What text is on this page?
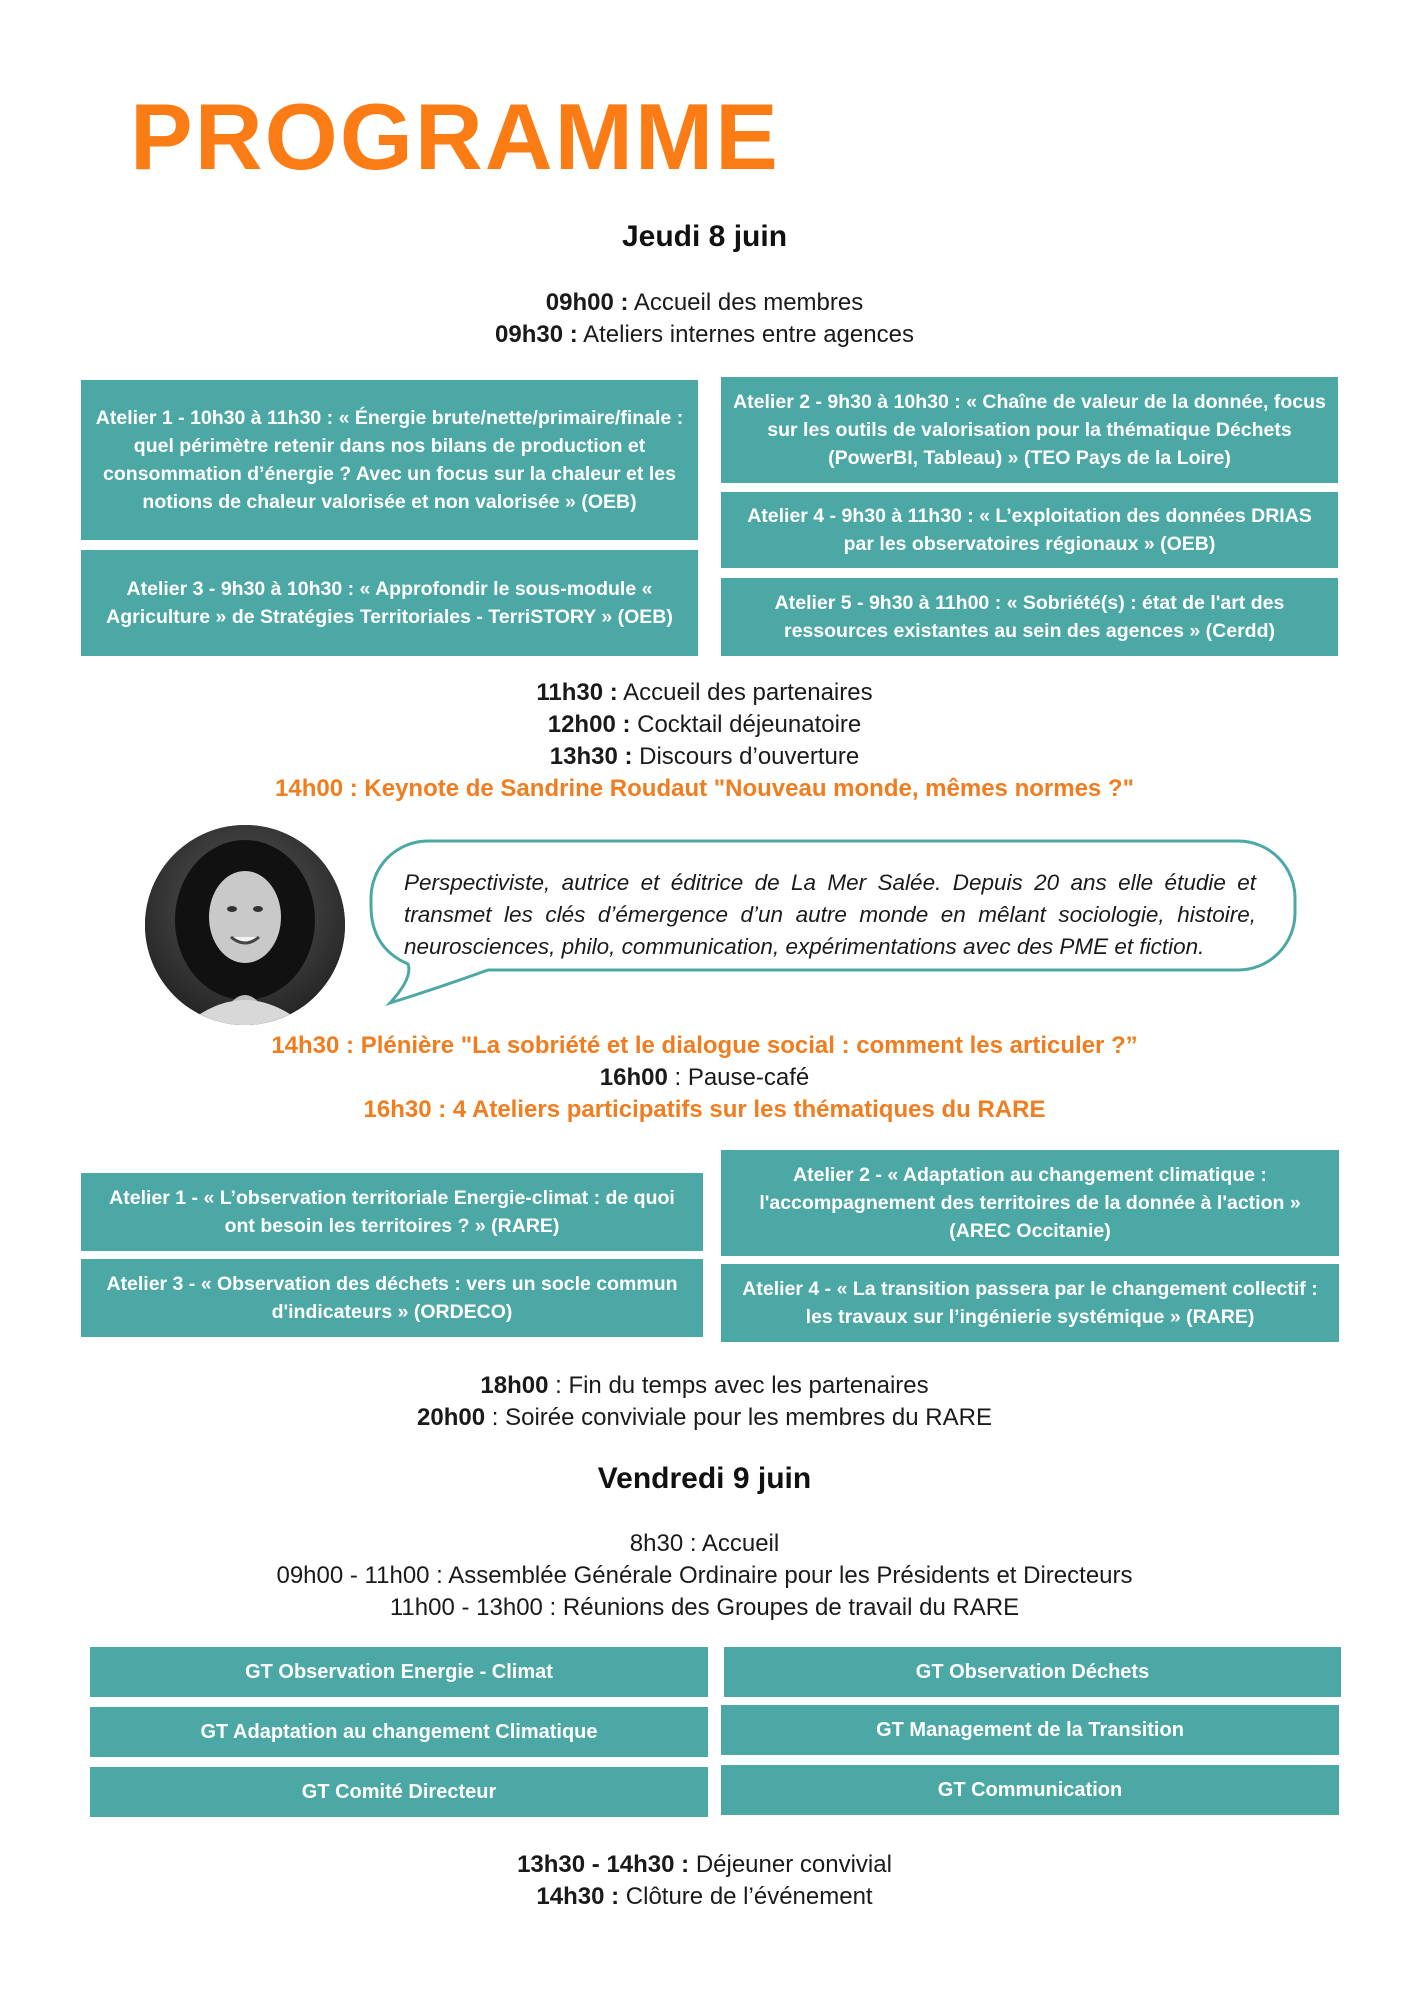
PROGRAMME
Jeudi 8 juin
09h00 : Accueil des membres
09h30 : Ateliers internes entre agences
Atelier 1 - 10h30 à 11h30 : « Énergie brute/nette/primaire/finale : quel périmètre retenir dans nos bilans de production et consommation d’énergie ? Avec un focus sur la chaleur et les notions de chaleur valorisée et non valorisée » (OEB)
Atelier 3 - 9h30 à 10h30 : « Approfondir le sous-module « Agriculture » de Stratégies Territoriales - TerriSTORY » (OEB)
Atelier 2 - 9h30 à 10h30 : « Chaîne de valeur de la donnée, focus sur les outils de valorisation pour la thématique Déchets (PowerBI, Tableau) » (TEO Pays de la Loire)
Atelier 4 - 9h30 à 11h30 : « L’exploitation des données DRIAS par les observatoires régionaux » (OEB)
Atelier 5 - 9h30 à 11h00 : « Sobriété(s) : état de l'art des ressources existantes au sein des agences » (Cerdd)
11h30 : Accueil des partenaires
12h00 : Cocktail déjeunatoire
13h30 : Discours d’ouverture
14h00 : Keynote de Sandrine Roudaut "Nouveau monde, mêmes normes ?"
Perspectiviste, autrice et éditrice de La Mer Salée. Depuis 20 ans elle étudie et transmet les clés d’émergence d’un autre monde en mêlant sociologie, histoire, neurosciences, philo, communication, expérimentations avec des PME et fiction.
14h30 : Plénière "La sobriété et le dialogue social : comment les articuler ?”
16h00 : Pause-café
16h30 : 4 Ateliers participatifs sur les thématiques du RARE
Atelier 1 - « L’observation territoriale Energie-climat : de quoi ont besoin les territoires ? » (RARE)
Atelier 3 - « Observation des déchets : vers un socle commun d'indicateurs » (ORDECO)
Atelier 2 - « Adaptation au changement climatique : l'accompagnement des territoires de la donnée à l'action » (AREC Occitanie)
Atelier 4 - « La transition passera par le changement collectif : les travaux sur l’ingénierie systémique » (RARE)
18h00 : Fin du temps avec les partenaires
20h00 : Soirée conviviale pour les membres du RARE
Vendredi 9 juin
8h30 : Accueil
09h00 - 11h00 : Assemblée Générale Ordinaire pour les Présidents et Directeurs
11h00 - 13h00 : Réunions des Groupes de travail du RARE
GT Observation Energie - Climat	GT Observation Déchets
GT Adaptation au changement Climatique	GT Management de la Transition
GT Comité Directeur	GT Communication
13h30 - 14h30 : Déjeuner convivial
14h30 : Clôture de l’événement
